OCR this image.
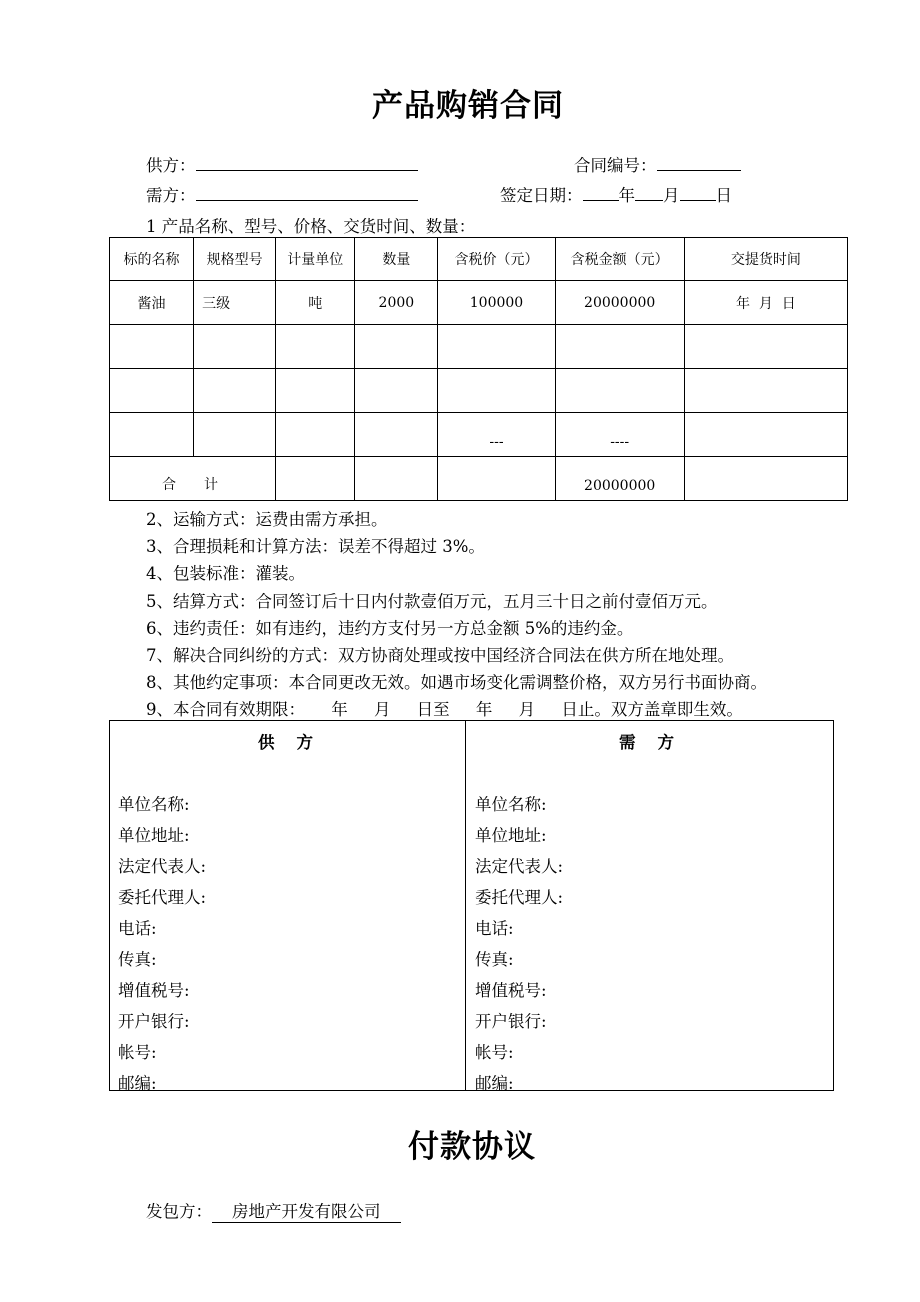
产品购销合同
供方：	合同编号：
需方：	签定日期： 年 月 日
1 产品名称、型号、价格、交货时间、数量：
标的名称	规格型号	计量单位	数量	含税价（元）	含税金额（元）	交提货时间
酱油	三级	吨	2000	100000	20000000	年  月  日

				---	----	
合　　计					20000000	
2、运输方式：运费由需方承担。
3、合理损耗和计算方法：误差不得超过 3%。
4、包装标准：灌装。
5、结算方式：合同签订后十日内付款壹佰万元，五月三十日之前付壹佰万元。
6、违约责任：如有违约，违约方支付另一方总金额 5%的违约金。
7、解决合同纠纷的方式：双方协商处理或按中国经济合同法在供方所在地处理。
8、其他约定事项：本合同更改无效。如遇市场变化需调整价格，双方另行书面协商。
9、本合同有效期限：     年     月     日至     年     月     日止。双方盖章即生效。
供方
单位名称:
单位地址:
法定代表人:
委托代理人:
电话:
传真:
增值税号:
开户银行:
帐号:
邮编:
需方
单位名称:
单位地址:
法定代表人:
委托代理人:
电话:
传真:
增值税号:
开户银行:
帐号:
邮编:
付款协议
发包方： 房地产开发有限公司
